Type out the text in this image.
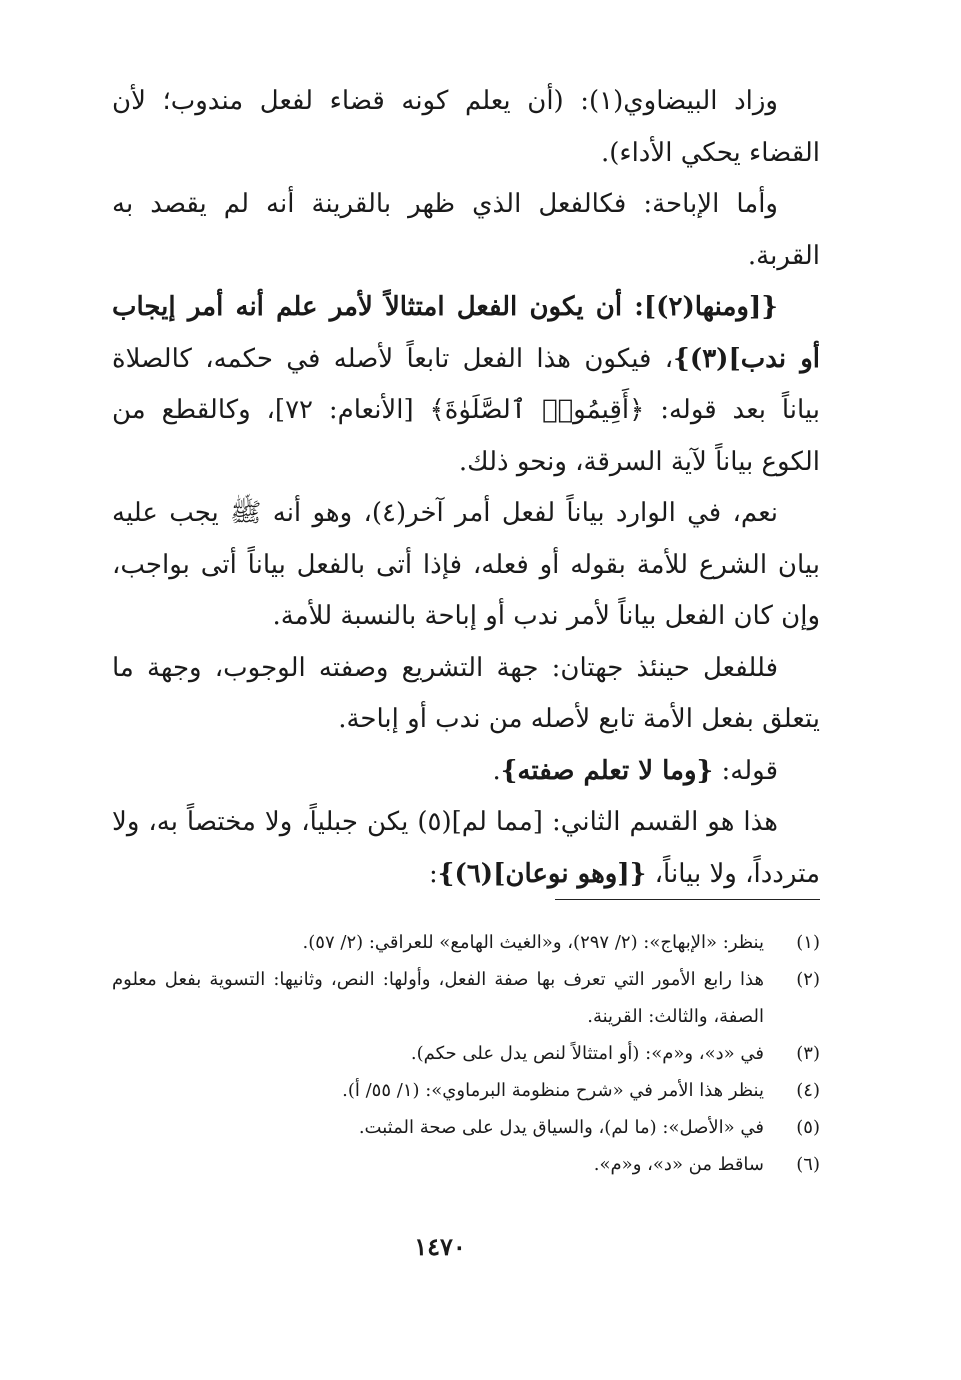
وزاد البيضاوي(١): (أن يعلم كونه قضاء لفعل مندوب؛ لأن القضاء يحكي الأداء).

وأما الإباحة: فكالفعل الذي ظهر بالقرينة أنه لم يقصد به القربة.

{[ومنها(٢)]: أن يكون الفعل امتثالاً لأمر علم أنه أمر إيجاب أو ندب](٣)}، فيكون هذا الفعل تابعاً لأصله في حكمه، كالصلاة بياناً بعد قوله: ﴿أَقِيمُوا۟ ٱلصَّلَوٰةَ﴾ [الأنعام: ٧٢]، وكالقطع من الكوع بياناً لآية السرقة، ونحو ذلك.

نعم، في الوارد بياناً لفعل أمر آخر(٤)، وهو أنه ﷺ يجب عليه بيان الشرع للأمة بقوله أو فعله، فإذا أتى بالفعل بياناً أتى بواجب، وإن كان الفعل بياناً لأمر ندب أو إباحة بالنسبة للأمة.

فللفعل حينئذ جهتان: جهة التشريع وصفته الوجوب، وجهة ما يتعلق بفعل الأمة تابع لأصله من ندب أو إباحة.

قوله: {وما لا تعلم صفته}.

هذا هو القسم الثاني: [مما لم](٥) يكن جبلياً، ولا مختصاً به، ولا متردداً، ولا بياناً، {[وهو نوعان](٦)}:

(١)
ينظر: «الإبهاج»: (٢/ ٢٩٧)، و«الغيث الهامع» للعراقي: (٢/ ٥٧).
(٢)
هذا رابع الأمور التي تعرف بها صفة الفعل، وأولها: النص، وثانيها: التسوية بفعل معلوم الصفة، والثالث: القرينة.
(٣)
في «د»، و«م»: (أو امتثالاً لنص يدل على حكم).
(٤)
ينظر هذا الأمر في «شرح منظومة البرماوي»: (١/ ٥٥/ أ).
(٥)
في «الأصل»: (ما لم)، والسياق يدل على صحة المثبت.
(٦)
ساقط من «د»، و«م».
١٤٧٠
